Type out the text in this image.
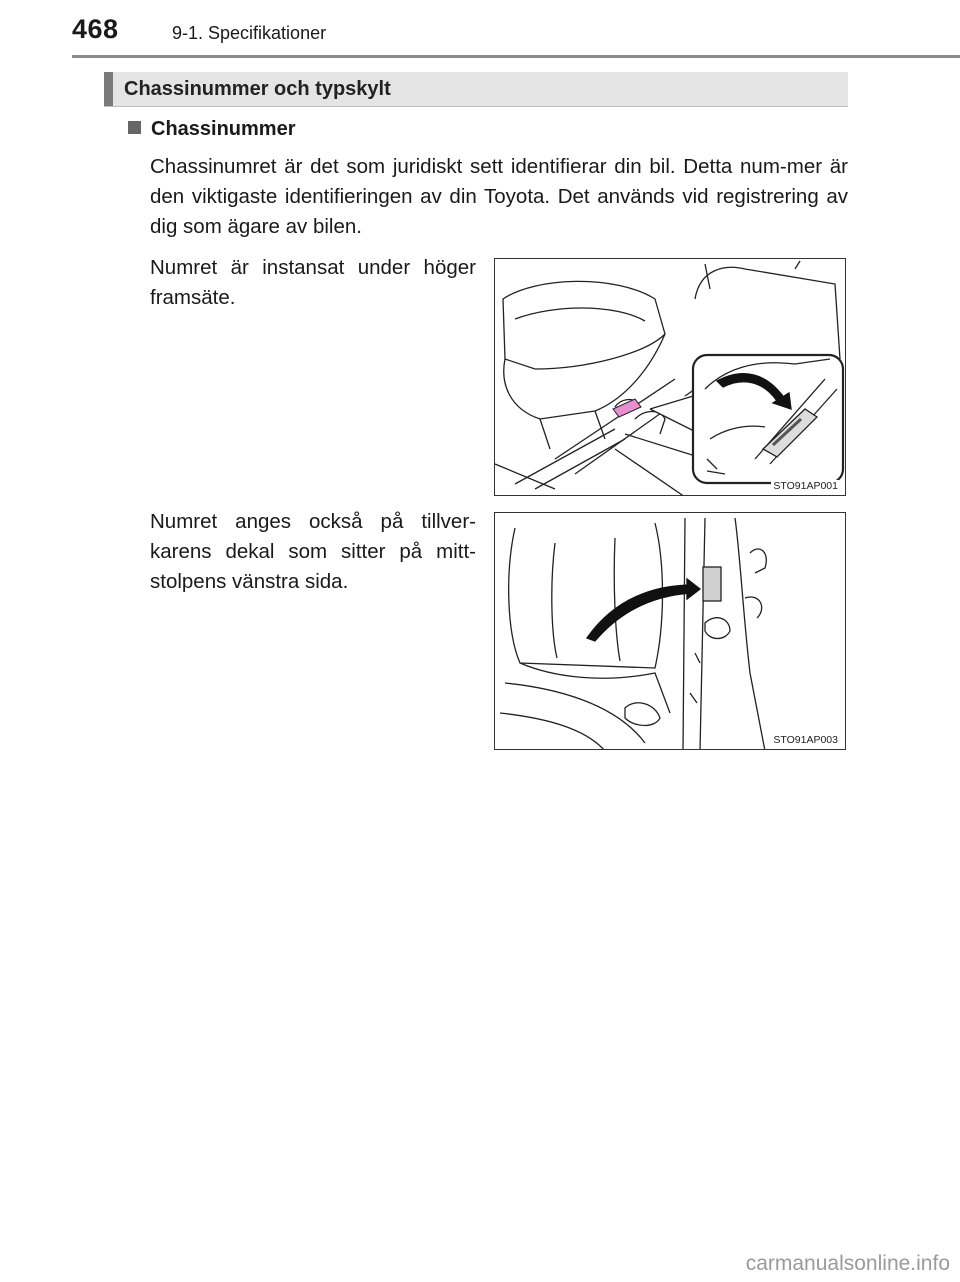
468	9-1. Specifikationer
Chassinummer och typskylt
Chassinummer
Chassinumret är det som juridiskt sett identifierar din bil. Detta num-mer är den viktigaste identifieringen av din Toyota. Det används vid registrering av dig som ägare av bilen.
Numret är instansat under höger framsäte.
Numret anges också på tillver-karens dekal som sitter på mitt-stolpens vänstra sida.
STO91AP001
STO91AP003
carmanualsonline.info
